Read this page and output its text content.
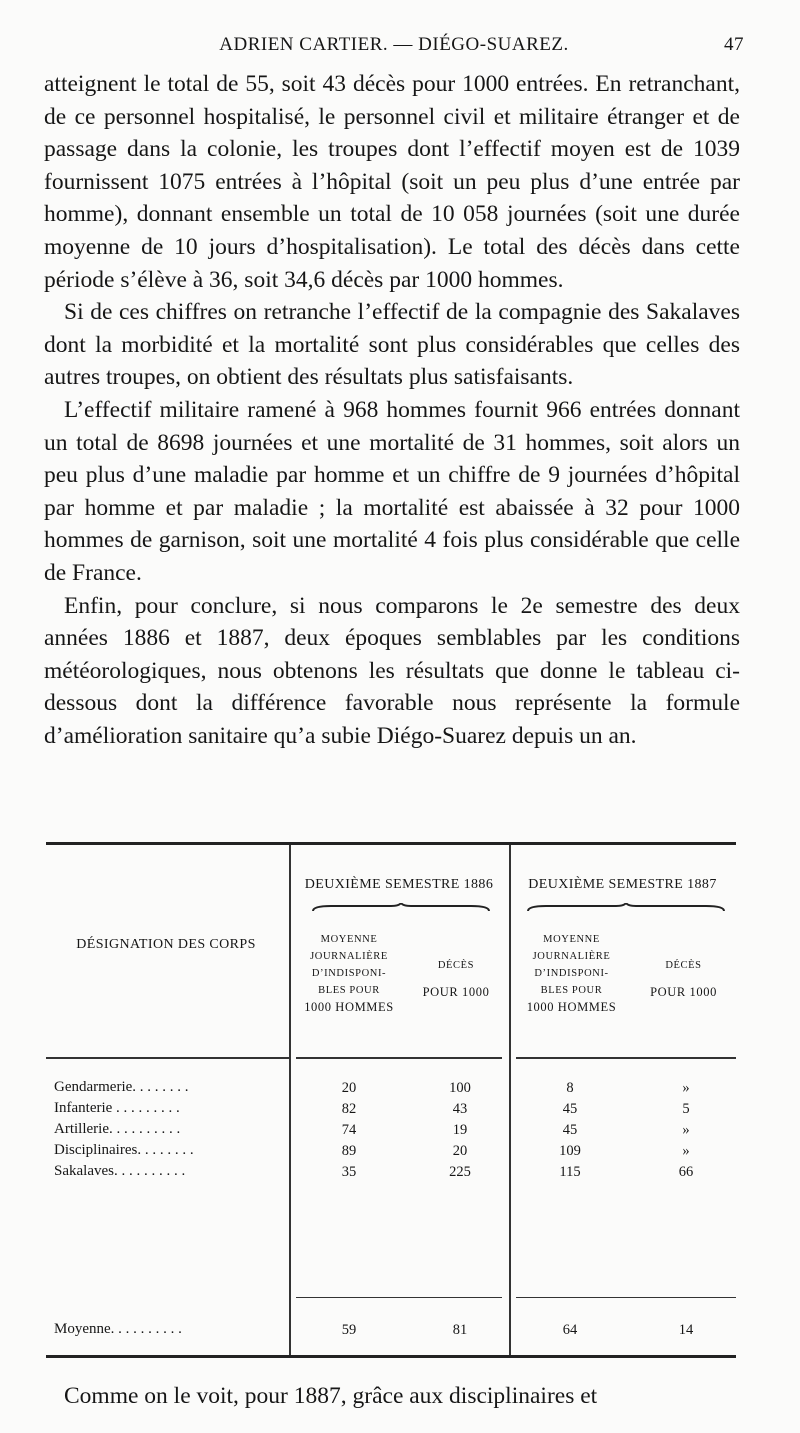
ADRIEN CARTIER. — DIÉGO-SUAREZ.	47

atteignent le total de 55, soit 43 décès pour 1000 entrées. En retranchant, de ce personnel hospitalisé, le personnel civil et militaire étranger et de passage dans la colonie, les troupes dont l’effectif moyen est de 1039 fournissent 1075 entrées à l’hôpital (soit un peu plus d’une entrée par homme), donnant ensemble un total de 10 058 journées (soit une durée moyenne de 10 jours d’hospitalisation). Le total des décès dans cette période s’élève à 36, soit 34,6 décès par 1000 hommes.

Si de ces chiffres on retranche l’effectif de la compagnie des Sakalaves dont la morbidité et la mortalité sont plus considérables que celles des autres troupes, on obtient des résultats plus satisfaisants.

L’effectif militaire ramené à 968 hommes fournit 966 entrées donnant un total de 8698 journées et une mortalité de 31 hommes, soit alors un peu plus d’une maladie par homme et un chiffre de 9 journées d’hôpital par homme et par maladie ; la mortalité est abaissée à 32 pour 1000 hommes de garnison, soit une mortalité 4 fois plus considérable que celle de France.

Enfin, pour conclure, si nous comparons le 2e semestre des deux années 1886 et 1887, deux époques semblables par les conditions météorologiques, nous obtenons les résultats que donne le tableau ci-dessous dont la différence favorable nous représente la formule d’amélioration sanitaire qu’a subie Diégo-Suarez depuis un an.

DÉSIGNATION DES CORPS
DEUXIÈME SEMESTRE 1886	DEUXIÈME SEMESTRE 1887
MOYENNE
JOURNALIÈRE
D’INDISPONI-
BLES POUR
1000 HOMMES
DÉCÈS
POUR 1000
MOYENNE
JOURNALIÈRE
D’INDISPONI-
BLES POUR
1000 HOMMES
DÉCÈS
POUR 1000
Gendarmerie. . . . . . . .	20	100	8	»
Infanterie . . . . . . . . .	82	43	45	5
Artillerie. . . . . . . . . .	74	19	45	»
Disciplinaires. . . . . . . .	89	20	109	»
Sakalaves. . . . . . . . . .	35	225	115	66
Moyenne. . . . . . . . . .	59	81	64	14
Comme on le voit, pour 1887, grâce aux disciplinaires et
